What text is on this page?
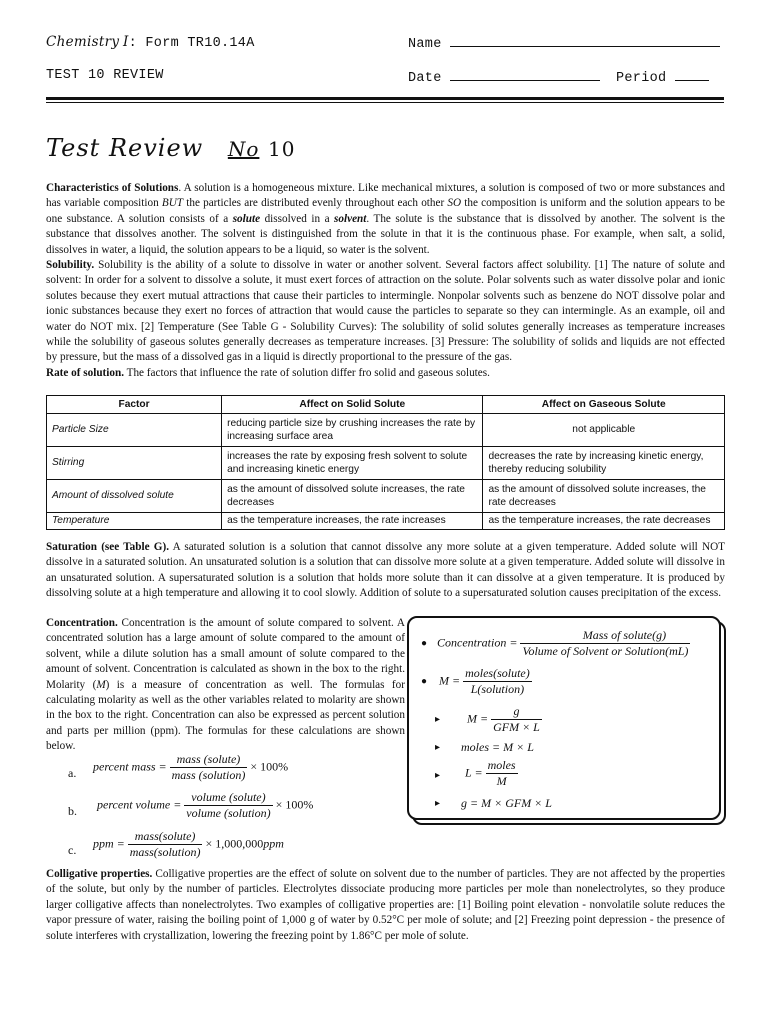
Chemistry I: Form TR10.14A	Name
TEST 10 REVIEW	Date	Period
Test Review No 10
Characteristics of Solutions. A solution is a homogeneous mixture. Like mechanical mixtures, a solution is composed of two or more substances and has variable composition BUT the particles are distributed evenly throughout each other SO the composition is uniform and the solution appears to be one substance. A solution consists of a solute dissolved in a solvent. The solute is the substance that is dissolved by another. The solvent is the substance that dissolves another. The solvent is distinguished from the solute in that it is the continuous phase. For example, when salt, a solid, dissolves in water, a liquid, the solution appears to be a liquid, so water is the solvent.
Solubility. Solubility is the ability of a solute to dissolve in water or another solvent. Several factors affect solubility. [1] The nature of solute and solvent: In order for a solvent to dissolve a solute, it must exert forces of attraction on the solute. Polar solvents such as water dissolve polar and ionic solutes because they exert mutual attractions that cause their particles to intermingle. Nonpolar solvents such as benzene do NOT dissolve polar and ionic substances because they exert no forces of attraction that would cause the particles to separate so they can intermingle. As an example, oil and water do NOT mix. [2] Temperature (See Table G - Solubility Curves): The solubility of solid solutes generally increases as temperature increases while the solubility of gaseous solutes generally decreases as temperature increases. [3] Pressure: The solubility of solids and liquids are not effected by pressure, but the mass of a dissolved gas in a liquid is directly proportional to the pressure of the gas.
Rate of solution. The factors that influence the rate of solution differ fro solid and gaseous solutes.
Factor	Affect on Solid Solute	Affect on Gaseous Solute
Particle Size	reducing particle size by crushing increases the rate by increasing surface area	not applicable
Stirring	increases the rate by exposing fresh solvent to solute and increasing kinetic energy	decreases the rate by increasing kinetic energy, thereby reducing solubility
Amount of dissolved solute	as the amount of dissolved solute increases, the rate decreases	as the amount of dissolved solute increases, the rate decreases
Temperature	as the temperature increases, the rate increases	as the temperature increases, the rate decreases
Saturation (see Table G). A saturated solution is a solution that cannot dissolve any more solute at a given temperature. Added solute will NOT dissolve in a saturated solution. An unsaturated solution is a solution that can dissolve more solute at a given temperature. Added solute will dissolve in an unsaturated solution. A supersaturated solution is a solution that holds more solute than it can dissolve at a given temperature. It is produced by dissolving solute at a high temperature and allowing it to cool slowly. Addition of solute to a supersaturated solution causes precipitation of the excess.
Concentration. Concentration is the amount of solute compared to solvent. A concentrated solution has a large amount of solute compared to the amount of solvent, while a dilute solution has a small amount of solute compared to the amount of solvent. Concentration is calculated as shown in the box to the right. Molarity (M) is a measure of concentration as well. The formulas for calculating molarity as well as the other variables related to molarity are shown in the box to the right. Concentration can also be expressed as percent solution and parts per million (ppm). The formulas for these calculations are shown below.
● Concentration = $\frac{\text{Mass of solute(g)}}{\text{Volume of Solvent or Solution(mL)}}$
● $M = \frac{\text{moles(solute)}}{\text{L(solution)}}$
▸ $M = \frac{g}{\text{GFM × L}}$
▸ moles = M × L
▸ $L = \frac{\text{moles}}{M}$
▸ g = M × GFM × L
a. percent mass = $\frac{\text{mass (solute)}}{\text{mass (solution)}} \times 100\%$
b. percent volume = $\frac{\text{volume (solute)}}{\text{volume (solution)}} \times 100\%$
c. ppm = $\frac{\text{mass(solute)}}{\text{mass(solution)}} \times 1,000,000ppm$
Colligative properties. Colligative properties are the effect of solute on solvent due to the number of particles. They are not affected by the properties of the solute, but only by the number of particles. Electrolytes dissociate producing more particles per mole than nonelectrolytes, so they produce larger colligative affects than nonelectrolytes. Two examples of colligative properties are: [1] Boiling point elevation - nonvolatile solute reduces the vapor pressure of water, raising the boiling point of 1,000 g of water by 0.52°C per mole of solute; and [2] Freezing point depression - the presence of solute interferes with crystallization, lowering the freezing point by 1.86°C per mole of solute.
